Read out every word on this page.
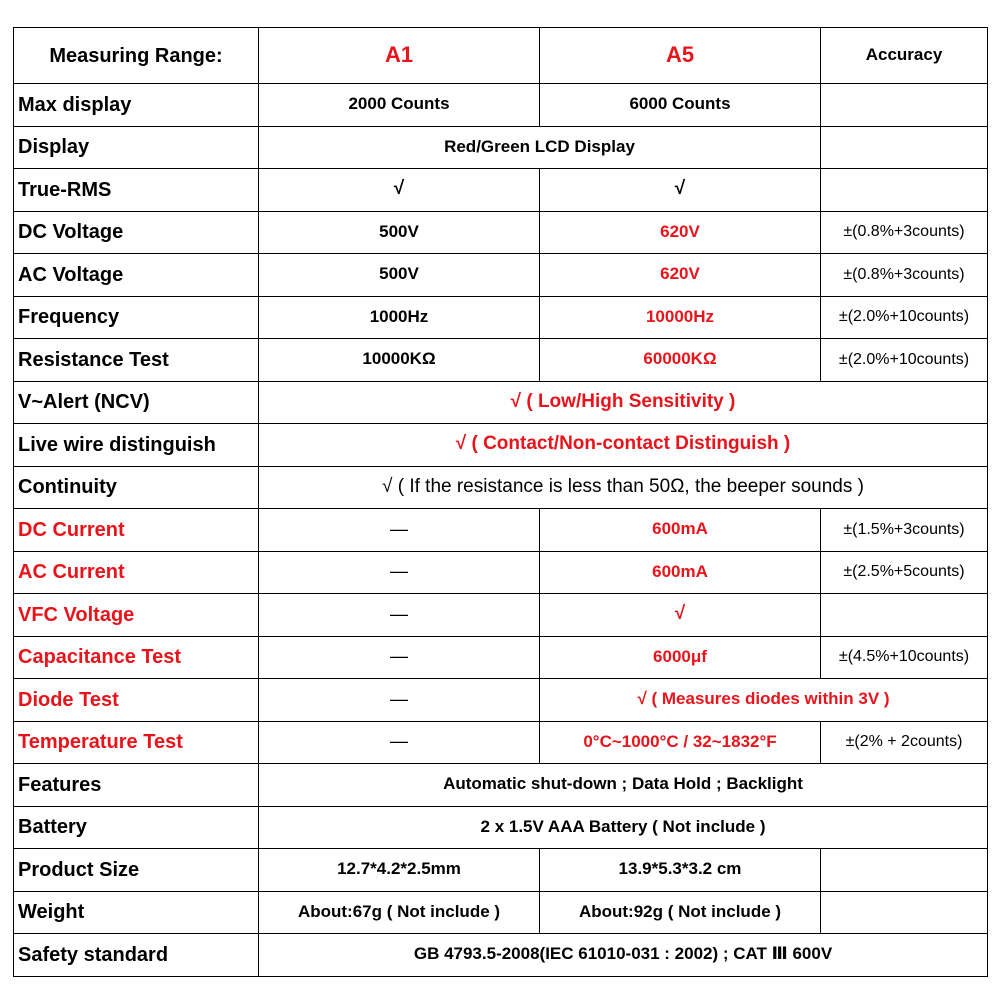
Measuring Range:	A1	A5	Accuracy
Max display	2000 Counts	6000 Counts	
Display	Red/Green LCD Display		
True-RMS	√	√	
DC Voltage	500V	620V	±(0.8%+3counts)
AC Voltage	500V	620V	±(0.8%+3counts)
Frequency	1000Hz	10000Hz	±(2.0%+10counts)
Resistance Test	10000KΩ	60000KΩ	±(2.0%+10counts)
V~Alert (NCV)	√ ( Low/High Sensitivity )		
Live wire distinguish	√ ( Contact/Non-contact Distinguish )		
Continuity	√ ( If the resistance is less than 50Ω, the beeper sounds )		
DC Current	—	600mA	±(1.5%+3counts)
AC Current	—	600mA	±(2.5%+5counts)
VFC Voltage	—	√	
Capacitance Test	—	6000μf	±(4.5%+10counts)
Diode Test	—	√ ( Measures diodes within 3V )	
Temperature Test	—	0°C~1000°C / 32~1832°F	±(2% + 2counts)
Features	Automatic shut-down ; Data Hold ; Backlight		
Battery	2 x 1.5V AAA Battery ( Not include )		
Product Size	12.7*4.2*2.5mm	13.9*5.3*3.2 cm	
Weight	About:67g ( Not include )	About:92g ( Not include )	
Safety standard	GB 4793.5-2008(IEC 61010-031 : 2002) ; CAT Ⅲ 600V		
